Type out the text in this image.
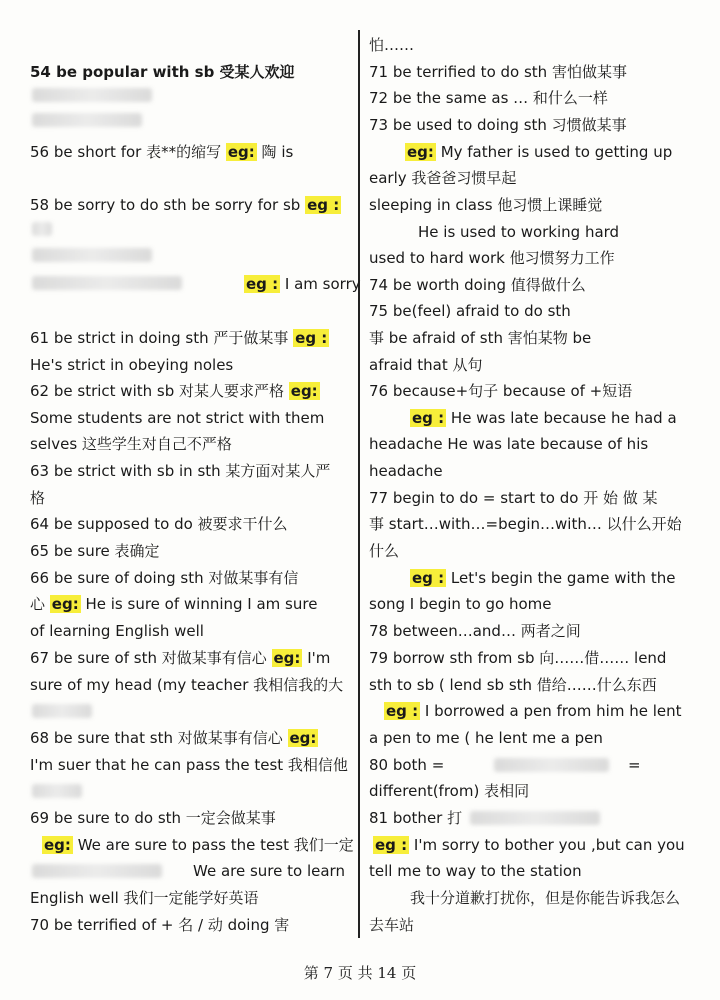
54 be popular with sb 受某人欢迎
56 be short for 表**的缩写 eg: 陶 is
58 be sorry to do sth be sorry for sb eg :
eg : I am sorry
61 be strict in doing sth 严于做某事 eg :
He's strict in obeying noles
62 be strict with sb 对某人要求严格 eg:
Some students are not strict with them
selves 这些学生对自己不严格
63 be strict with sb in sth 某方面对某人严
格
64 be supposed to do 被要求干什么
65 be sure 表确定
66 be sure of doing sth 对做某事有信
心 eg: He is sure of winning I am sure
of learning English well
67 be sure of sth 对做某事有信心 eg: I'm
sure of my head (my teacher 我相信我的大
68 be sure that sth 对做某事有信心 eg:
I'm suer that he can pass the test 我相信他
69 be sure to do sth 一定会做某事
eg: We are sure to pass the test 我们一定
We are sure to learn
English well 我们一定能学好英语
70 be terrified of + 名 / 动 doing 害
怕……
71 be terrified to do sth 害怕做某事
72 be the same as … 和什么一样
73 be used to doing sth 习惯做某事
eg: My father is used to getting up
early 我爸爸习惯早起
sleeping in class 他习惯上课睡觉
He is used to working hard
used to hard work 他习惯努力工作
74 be worth doing 值得做什么
75 be(feel) afraid to do sth
事 be afraid of sth 害怕某物 be
afraid that 从句
76 because+句子 because of +短语
eg : He was late because he had a
headache He was late because of his
headache
77 begin to do = start to do 开 始 做 某
事 start…with…=begin…with… 以什么开始
什么
eg : Let's begin the game with the
song I begin to go home
78 between…and… 两者之间
79 borrow sth from sb 向……借…… lend
sth to sb ( lend sb sth 借给……什么东西
eg : I borrowed a pen from him he lent
a pen to me ( he lent me a pen
80 both =	=
different(from) 表相同
81 bother 打
eg : I'm sorry to bother you ,but can you
tell me to way to the station
我十分道歉打扰你，但是你能告诉我怎么
去车站
第 7 页 共 14 页
